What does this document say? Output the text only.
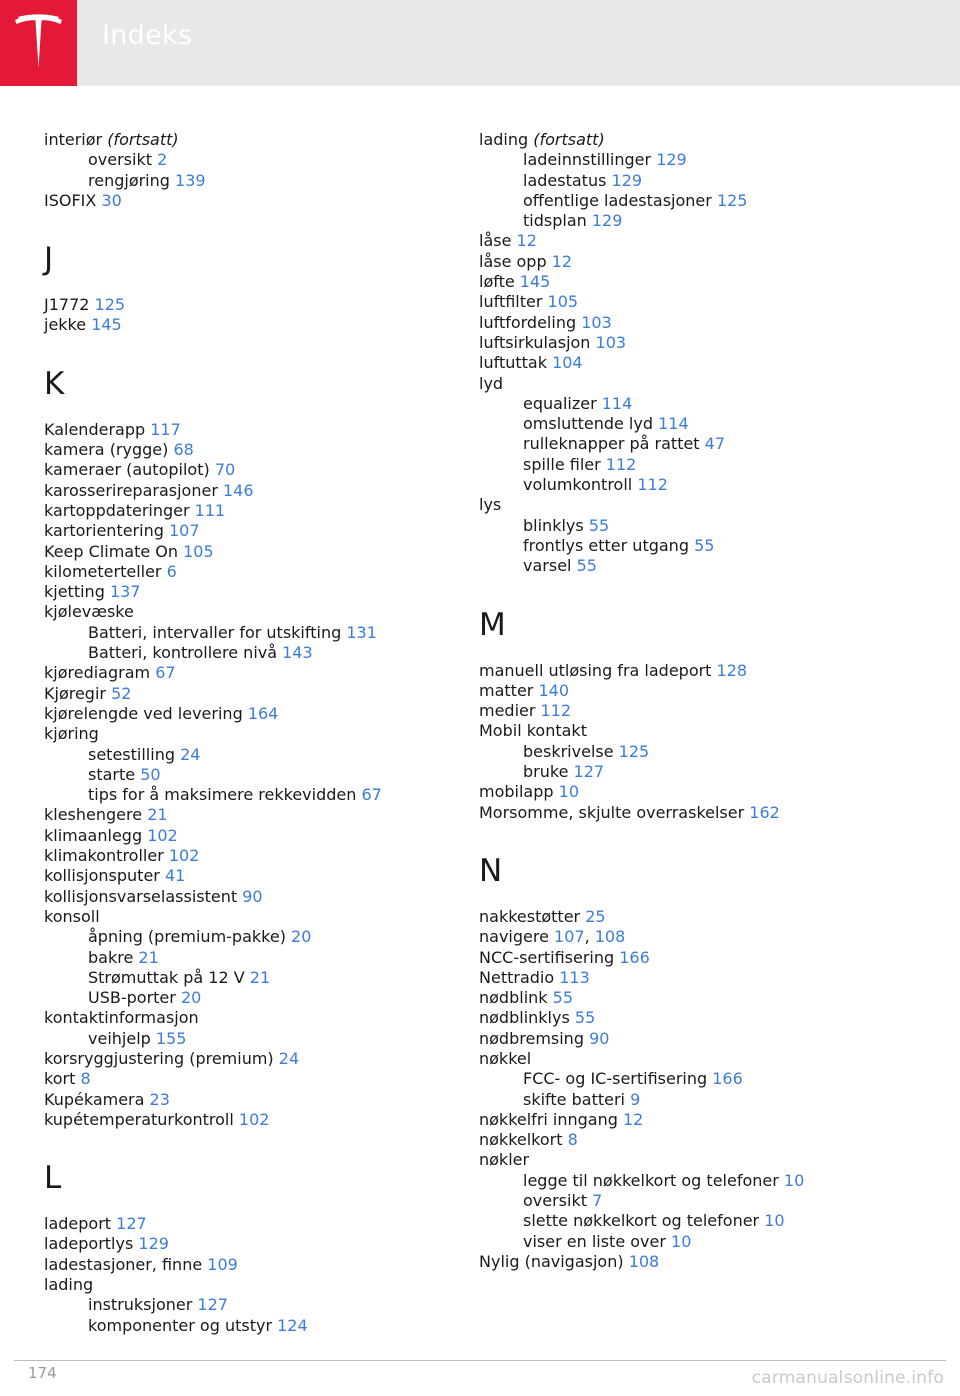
Indeks
interiør (fortsatt)
oversikt 2
rengjøring 139
ISOFIX 30
J
J1772 125
jekke 145
K
Kalenderapp 117
kamera (rygge) 68
kameraer (autopilot) 70
karosserireparasjoner 146
kartoppdateringer 111
kartorientering 107
Keep Climate On 105
kilometerteller 6
kjetting 137
kjølevæske
Batteri, intervaller for utskifting 131
Batteri, kontrollere nivå 143
kjørediagram 67
Kjøregir 52
kjørelengde ved levering 164
kjøring
setestilling 24
starte 50
tips for å maksimere rekkevidden 67
kleshengere 21
klimaanlegg 102
klimakontroller 102
kollisjonsputer 41
kollisjonsvarselassistent 90
konsoll
åpning (premium-pakke) 20
bakre 21
Strømuttak på 12 V 21
USB-porter 20
kontaktinformasjon
veihjelp 155
korsryggjustering (premium) 24
kort 8
Kupékamera 23
kupétemperaturkontroll 102
L
ladeport 127
ladeportlys 129
ladestasjoner, finne 109
lading
instruksjoner 127
komponenter og utstyr 124
lading (fortsatt)
ladeinnstillinger 129
ladestatus 129
offentlige ladestasjoner 125
tidsplan 129
låse 12
låse opp 12
løfte 145
luftfilter 105
luftfordeling 103
luftsirkulasjon 103
luftuttak 104
lyd
equalizer 114
omsluttende lyd 114
rulleknapper på rattet 47
spille filer 112
volumkontroll 112
lys
blinklys 55
frontlys etter utgang 55
varsel 55
M
manuell utløsing fra ladeport 128
matter 140
medier 112
Mobil kontakt
beskrivelse 125
bruke 127
mobilapp 10
Morsomme, skjulte overraskelser 162
N
nakkestøtter 25
navigere 107, 108
NCC-sertifisering 166
Nettradio 113
nødblink 55
nødblinklys 55
nødbremsing 90
nøkkel
FCC- og IC-sertifisering 166
skifte batteri 9
nøkkelfri inngang 12
nøkkelkort 8
nøkler
legge til nøkkelkort og telefoner 10
oversikt 7
slette nøkkelkort og telefoner 10
viser en liste over 10
Nylig (navigasjon) 108
174	carmanualsonline.info
